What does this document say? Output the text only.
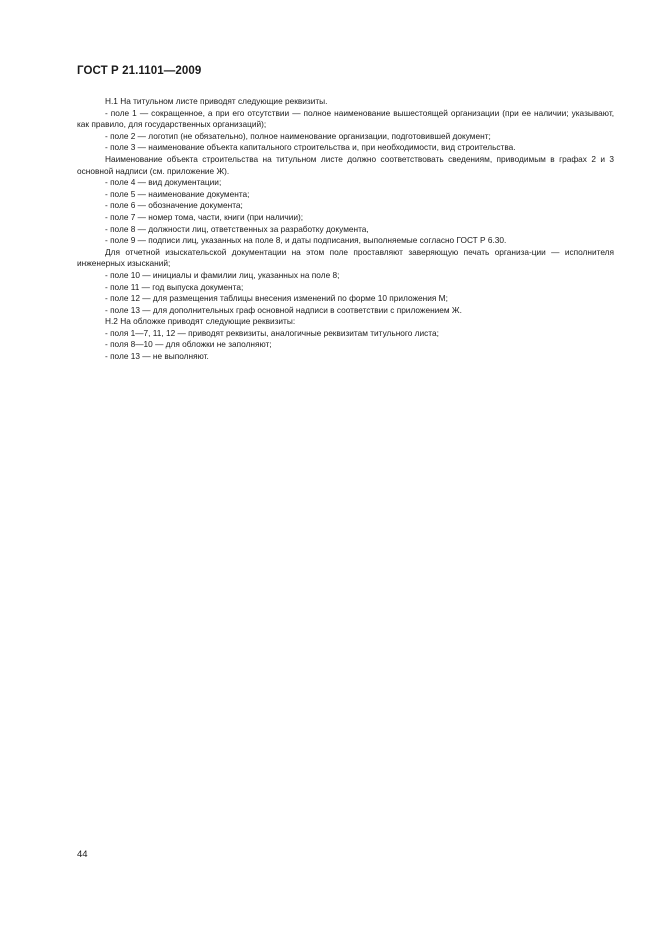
ГОСТ Р 21.1101—2009

Н.1 На титульном листе приводят следующие реквизиты.

- поле 1 — сокращенное, а при его отсутствии — полное наименование вышестоящей организации (при ее наличии; указывают, как правило, для государственных организаций);

- поле 2 — логотип (не обязательно), полное наименование организации, подготовившей документ;

- поле 3 — наименование объекта капитального строительства и, при необходимости, вид строительства.

Наименование объекта строительства на титульном листе должно соответствовать сведениям, приводимым в графах 2 и 3 основной надписи (см. приложение Ж).

- поле 4 — вид документации;

- поле 5 — наименование документа;

- поле 6 — обозначение документа;

- поле 7 — номер тома, части, книги (при наличии);

- поле 8 — должности лиц, ответственных за разработку документа,

- поле 9 — подписи лиц, указанных на поле 8, и даты подписания, выполняемые согласно ГОСТ Р 6.30.

Для отчетной изыскательской документации на этом поле проставляют заверяющую печать организа-ции — исполнителя инженерных изысканий;

- поле 10 — инициалы и фамилии лиц, указанных на поле 8;

- поле 11 — год выпуска документа;

- поле 12 — для размещения таблицы внесения изменений по форме 10 приложения М;

- поле 13 — для дополнительных граф основной надписи в соответствии с приложением Ж.

Н.2 На обложке приводят следующие реквизиты:

- поля 1—7, 11, 12 — приводят реквизиты, аналогичные реквизитам титульного листа;

- поля 8—10 — для обложки не заполняют;

- поле 13 — не выполняют.

44
